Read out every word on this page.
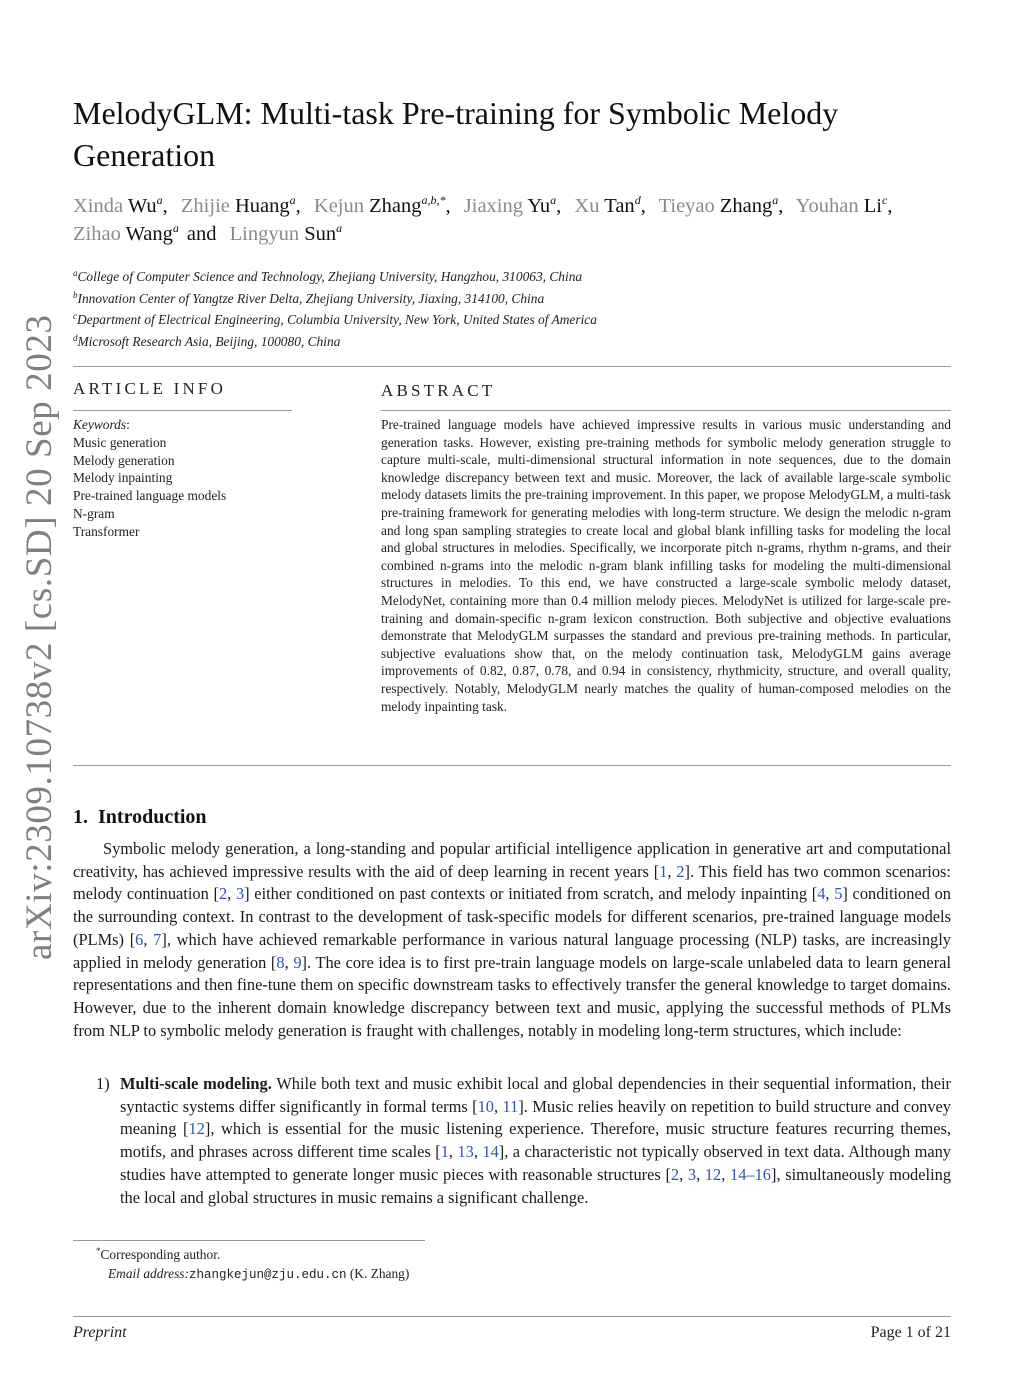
arXiv:2309.10738v2 [cs.SD] 20 Sep 2023
MelodyGLM: Multi-task Pre-training for Symbolic Melody Generation
Xinda Wu$^a$, Zhijie Huang$^a$, Kejun Zhang$^{a,b,*}$, Jiaxing Yu$^a$, Xu Tan$^d$, Tieyao Zhang$^a$, Youhan Li$^c$, Zihao Wang$^a$ and Lingyun Sun$^a$
$^a$College of Computer Science and Technology, Zhejiang University, Hangzhou, 310063, China
$^b$Innovation Center of Yangtze River Delta, Zhejiang University, Jiaxing, 314100, China
$^c$Department of Electrical Engineering, Columbia University, New York, United States of America
$^d$Microsoft Research Asia, Beijing, 100080, China
ARTICLE INFO
Keywords:
Music generation
Melody generation
Melody inpainting
Pre-trained language models
N-gram
Transformer
ABSTRACT
Pre-trained language models have achieved impressive results in various music understanding and generation tasks. However, existing pre-training methods for symbolic melody generation struggle to capture multi-scale, multi-dimensional structural information in note sequences, due to the domain knowledge discrepancy between text and music. Moreover, the lack of available large-scale symbolic melody datasets limits the pre-training improvement. In this paper, we propose MelodyGLM, a multi-task pre-training framework for generating melodies with long-term structure. We design the melodic n-gram and long span sampling strategies to create local and global blank infilling tasks for modeling the local and global structures in melodies. Specifically, we incorporate pitch n-grams, rhythm n-grams, and their combined n-grams into the melodic n-gram blank infilling tasks for modeling the multi-dimensional structures in melodies. To this end, we have constructed a large-scale symbolic melody dataset, MelodyNet, containing more than 0.4 million melody pieces. MelodyNet is utilized for large-scale pre-training and domain-specific n-gram lexicon construction. Both subjective and objective evaluations demonstrate that MelodyGLM surpasses the standard and previous pre-training methods. In particular, subjective evaluations show that, on the melody continuation task, MelodyGLM gains average improvements of 0.82, 0.87, 0.78, and 0.94 in consistency, rhythmicity, structure, and overall quality, respectively. Notably, MelodyGLM nearly matches the quality of human-composed melodies on the melody inpainting task.
1. Introduction

Symbolic melody generation, a long-standing and popular artificial intelligence application in generative art and computational creativity, has achieved impressive results with the aid of deep learning in recent years [1, 2]. This field has two common scenarios: melody continuation [2, 3] either conditioned on past contexts or initiated from scratch, and melody inpainting [4, 5] conditioned on the surrounding context. In contrast to the development of task-specific models for different scenarios, pre-trained language models (PLMs) [6, 7], which have achieved remarkable performance in various natural language processing (NLP) tasks, are increasingly applied in melody generation [8, 9]. The core idea is to first pre-train language models on large-scale unlabeled data to learn general representations and then fine-tune them on specific downstream tasks to effectively transfer the general knowledge to target domains. However, due to the inherent domain knowledge discrepancy between text and music, applying the successful methods of PLMs from NLP to symbolic melody generation is fraught with challenges, notably in modeling long-term structures, which include:

1) Multi-scale modeling. While both text and music exhibit local and global dependencies in their sequential information, their syntactic systems differ significantly in formal terms [10, 11]. Music relies heavily on repetition to build structure and convey meaning [12], which is essential for the music listening experience. Therefore, music structure features recurring themes, motifs, and phrases across different time scales [1, 13, 14], a characteristic not typically observed in text data. Although many studies have attempted to generate longer music pieces with reasonable structures [2, 3, 12, 14–16], simultaneously modeling the local and global structures in music remains a significant challenge.
*Corresponding author.
Email address:zhangkejun@zju.edu.cn (K. Zhang)
Preprint	Page 1 of 21
